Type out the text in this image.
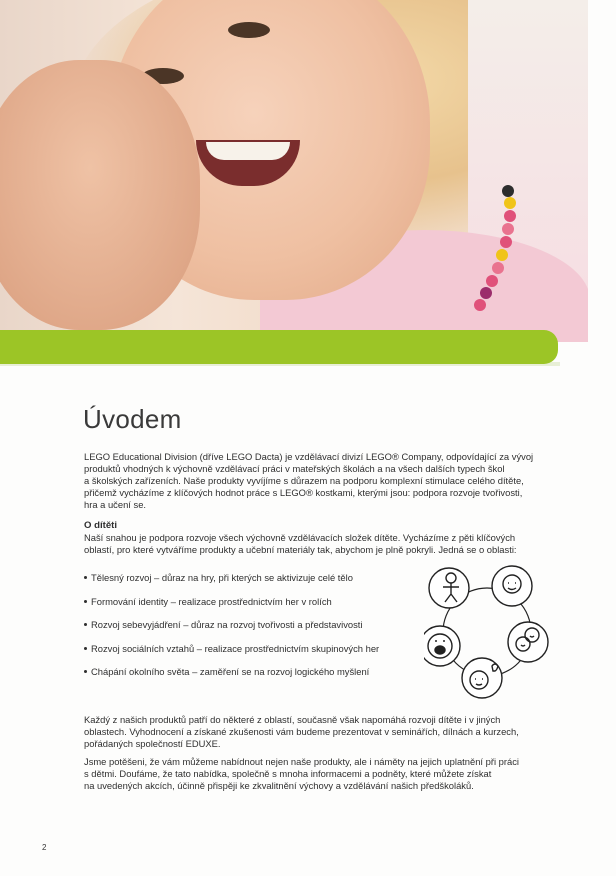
Úvodem

LEGO Educational Division (dříve LEGO Dacta) je vzdělávací divizí LEGO® Company, odpovídající za vývoj
produktů vhodných k výchovně vzdělávací práci v mateřských školách a na všech dalších typech škol
a školských zařízeních. Naše produkty vyvíjíme s důrazem na podporu komplexní stimulace celého dítěte,
přičemž vycházíme z klíčových hodnot práce s LEGO® kostkami, kterými jsou: podpora rozvoje tvořivosti,
hra a učení se.

O dítěti

Naší snahou je podpora rozvoje všech výchovně vzdělávacích složek dítěte. Vycházíme z pěti klíčových
oblastí, pro které vytváříme produkty a učební materiály tak, abychom je plně pokryli. Jedná se o oblasti:

Tělesný rozvoj – důraz na hry, při kterých se aktivizuje celé tělo
Formování identity – realizace prostřednictvím her v rolích
Rozvoj sebevyjádření – důraz na rozvoj tvořivosti a představivosti
Rozvoj sociálních vztahů – realizace prostřednictvím skupinových her
Chápání okolního světa – zaměření se na rozvoj logického myšlení

Každý z našich produktů patří do některé z oblastí, současně však napomáhá rozvoji dítěte i v jiných
oblastech. Vyhodnocení a získané zkušenosti vám budeme prezentovat v seminářích, dílnách a kurzech,
pořádaných společností EDUXE.

Jsme potěšeni, že vám můžeme nabídnout nejen naše produkty, ale i náměty na jejich uplatnění při práci
s dětmi. Doufáme, že tato nabídka, společně s mnoha informacemi a podněty, které můžete získat
na uvedených akcích, účinně přispěji ke zkvalitnění výchovy a vzdělávání našich předškoláků.

2
